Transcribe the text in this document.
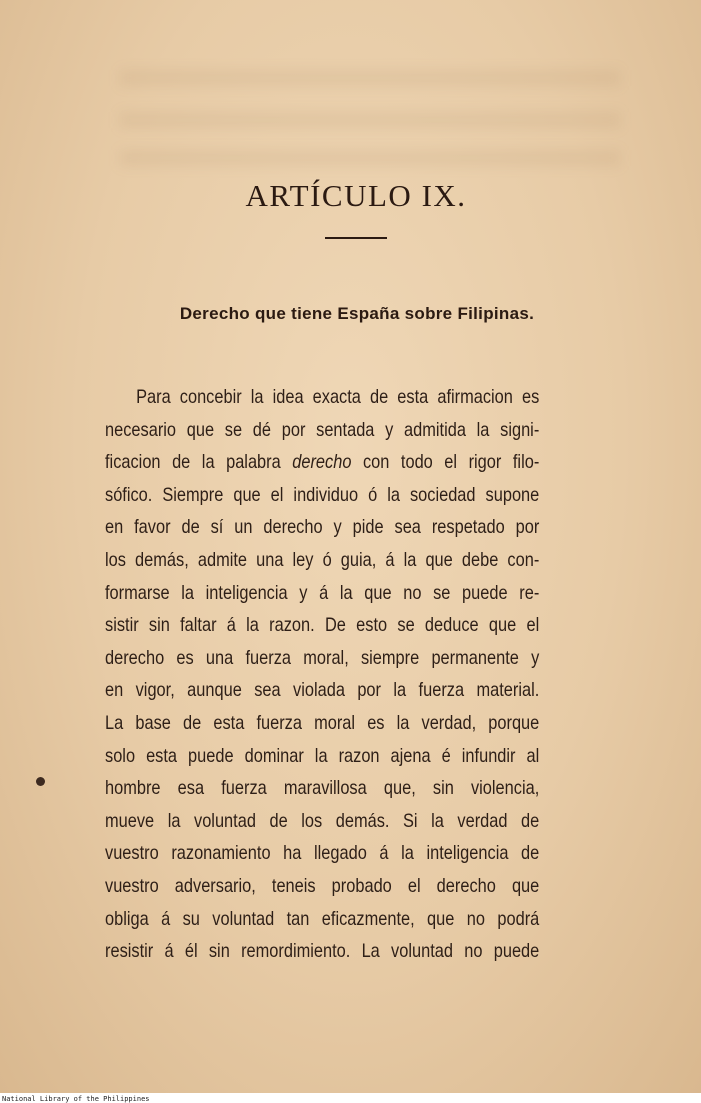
ARTÍCULO IX.
Derecho que tiene España sobre Filipinas.
Para concebir la idea exacta de esta afirmacion es
necesario que se dé por sentada y admitida la signi-
ficacion de la palabra derecho con todo el rigor filo-
sófico. Siempre que el individuo ó la sociedad supone
en favor de sí un derecho y pide sea respetado por
los demás, admite una ley ó guia, á la que debe con-
formarse la inteligencia y á la que no se puede re-
sistir sin faltar á la razon. De esto se deduce que el
derecho es una fuerza moral, siempre permanente y
en vigor, aunque sea violada por la fuerza material.
La base de esta fuerza moral es la verdad, porque
solo esta puede dominar la razon ajena é infundir al
hombre esa fuerza maravillosa que, sin violencia,
mueve la voluntad de los demás. Si la verdad de
vuestro razonamiento ha llegado á la inteligencia de
vuestro adversario, teneis probado el derecho que
obliga á su voluntad tan eficazmente, que no podrá
resistir á él sin remordimiento. La voluntad no puede
National Library of the Philippines
